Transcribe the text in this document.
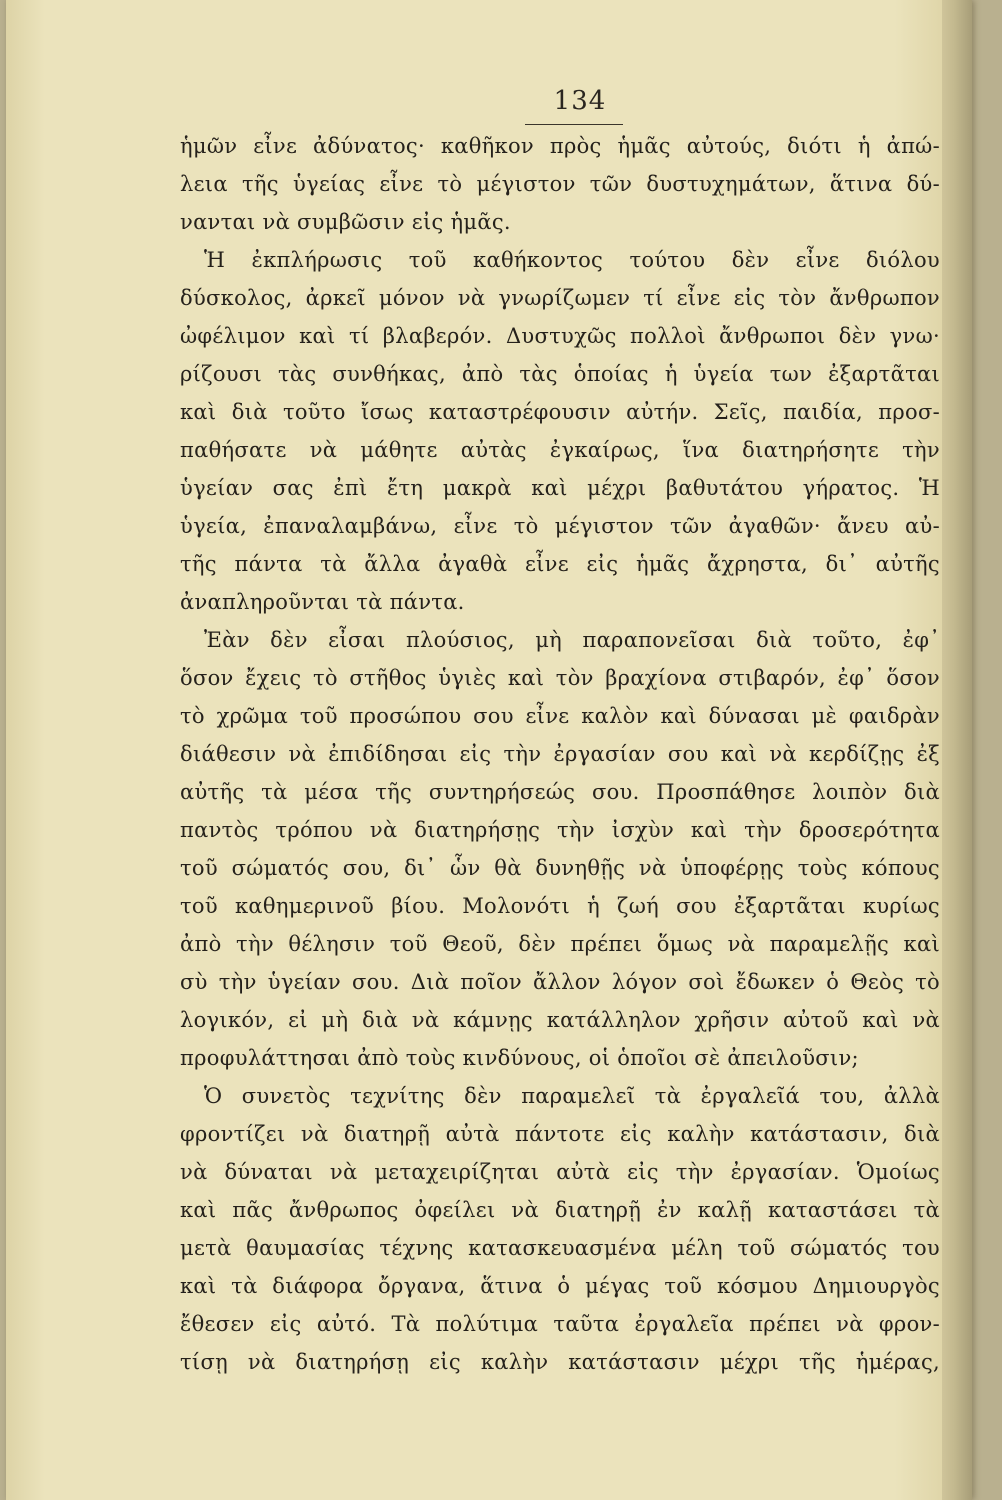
134
ἡμῶν εἶνε ἀδύνατος· καθῆκον πρὸς ἡμᾶς αὐτούς, διότι ἡ ἀπώ-
λεια τῆς ὑγείας εἶνε τὸ μέγιστον τῶν δυστυχημάτων, ἅτινα δύ-
νανται νὰ συμβῶσιν εἰς ἡμᾶς.
Ἡ ἐκπλήρωσις τοῦ καθήκοντος τούτου δὲν εἶνε διόλου
δύσκολος, ἀρκεῖ μόνον νὰ γνωρίζωμεν τί εἶνε εἰς τὸν ἄνθρωπον
ὠφέλιμον καὶ τί βλαβερόν. Δυστυχῶς πολλοὶ ἄνθρωποι δὲν γνω·
ρίζουσι τὰς συνθήκας, ἀπὸ τὰς ὁποίας ἡ ὑγεία των ἐξαρτᾶται
καὶ διὰ τοῦτο ἴσως καταστρέφουσιν αὐτήν. Σεῖς, παιδία, προσ-
παθήσατε νὰ μάθητε αὐτὰς ἐγκαίρως, ἵνα διατηρήσητε τὴν
ὑγείαν σας ἐπὶ ἔτη μακρὰ καὶ μέχρι βαθυτάτου γήρατος. Ἡ
ὑγεία, ἐπαναλαμβάνω, εἶνε τὸ μέγιστον τῶν ἀγαθῶν· ἄνευ αὐ-
τῆς πάντα τὰ ἄλλα ἀγαθὰ εἶνε εἰς ἡμᾶς ἄχρηστα, δι᾽ αὐτῆς
ἀναπληροῦνται τὰ πάντα.
Ἐὰν δὲν εἶσαι πλούσιος, μὴ παραπονεῖσαι διὰ τοῦτο, ἐφ᾽
ὅσον ἔχεις τὸ στῆθος ὑγιὲς καὶ τὸν βραχίονα στιβαρόν, ἐφ᾽ ὅσον
τὸ χρῶμα τοῦ προσώπου σου εἶνε καλὸν καὶ δύνασαι μὲ φαιδρὰν
διάθεσιν νὰ ἐπιδίδησαι εἰς τὴν ἐργασίαν σου καὶ νὰ κερδίζῃς ἐξ
αὐτῆς τὰ μέσα τῆς συντηρήσεώς σου. Προσπάθησε λοιπὸν διὰ
παντὸς τρόπου νὰ διατηρήσῃς τὴν ἰσχὺν καὶ τὴν δροσερότητα
τοῦ σώματός σου, δι᾽ ὧν θὰ δυνηθῇς νὰ ὑποφέρῃς τοὺς κόπους
τοῦ καθημερινοῦ βίου. Μολονότι ἡ ζωή σου ἐξαρτᾶται κυρίως
ἀπὸ τὴν θέλησιν τοῦ Θεοῦ, δὲν πρέπει ὅμως νὰ παραμελῇς καὶ
σὺ τὴν ὑγείαν σου. Διὰ ποῖον ἄλλον λόγον σοὶ ἔδωκεν ὁ Θεὸς τὸ
λογικόν, εἰ μὴ διὰ νὰ κάμνῃς κατάλληλον χρῆσιν αὐτοῦ καὶ νὰ
προφυλάττησαι ἀπὸ τοὺς κινδύνους, οἱ ὁποῖοι σὲ ἀπειλοῦσιν;
Ὁ συνετὸς τεχνίτης δὲν παραμελεῖ τὰ ἐργαλεῖά του, ἀλλὰ
φροντίζει νὰ διατηρῇ αὐτὰ πάντοτε εἰς καλὴν κατάστασιν, διὰ
νὰ δύναται νὰ μεταχειρίζηται αὐτὰ εἰς τὴν ἐργασίαν. Ὁμοίως
καὶ πᾶς ἄνθρωπος ὀφείλει νὰ διατηρῇ ἐν καλῇ καταστάσει τὰ
μετὰ θαυμασίας τέχνης κατασκευασμένα μέλη τοῦ σώματός του
καὶ τὰ διάφορα ὄργανα, ἅτινα ὁ μέγας τοῦ κόσμου Δημιουργὸς
ἔθεσεν εἰς αὐτό. Τὰ πολύτιμα ταῦτα ἐργαλεῖα πρέπει νὰ φρον-
τίσῃ νὰ διατηρήσῃ εἰς καλὴν κατάστασιν μέχρι τῆς ἡμέρας,
